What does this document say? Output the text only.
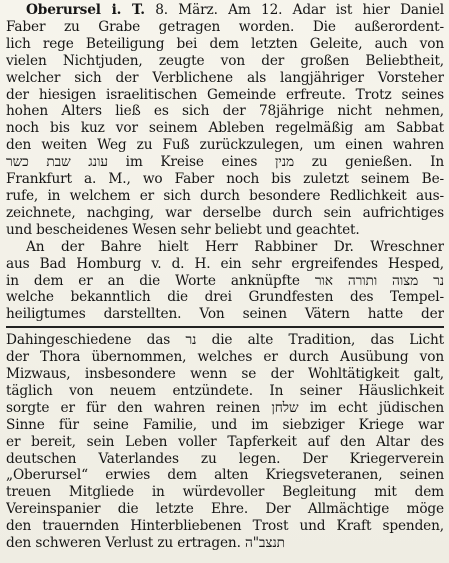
Oberursel i. T. 8. März. Am 12. Adar ist hier Daniel
Faber zu Grabe getragen worden. Die außerordent-
lich rege Beteiligung bei dem letzten Geleite, auch von
vielen Nichtjuden, zeugte von der großen Beliebtheit,
welcher sich der Verblichene als langjähriger Vorsteher
der hiesigen israelitischen Gemeinde erfreute. Trotz seines
hohen Alters ließ es sich der 78jährige nicht nehmen,
noch bis kuz vor seinem Ableben regelmäßig am Sabbat
den weiten Weg zu Fuß zurückzulegen, um einen wahren
עונג שבת כשר im Kreise eines מנין zu genießen. In
Frankfurt a. M., wo Faber noch bis zuletzt seinem Be-
rufe, in welchem er sich durch besondere Redlichkeit aus-
zeichnete, nachging, war derselbe durch sein aufrichtiges
und bescheidenes Wesen sehr beliebt und geachtet.
An der Bahre hielt Herr Rabbiner Dr. Wreschner
aus Bad Homburg v. d. H. ein sehr ergreifendes Hesped,
in dem er an die Worte anknüpfte נר מצוה ותורה אור
welche bekanntlich die drei Grundfesten des Tempel-
heiligtumes darstellten. Von seinen Vätern hatte der
Dahingeschiedene das נר die alte Tradition, das Licht
der Thora übernommen, welches er durch Ausübung von
Mizwaus, insbesondere wenn se der Wohltätigkeit galt,
täglich von neuem entzündete. In seiner Häuslichkeit
sorgte er für den wahren reinen שלחן im echt jüdischen
Sinne für seine Familie, und im siebziger Kriege war
er bereit, sein Leben voller Tapferkeit auf den Altar des
deutschen Vaterlandes zu legen. Der Kriegerverein
„Oberursel“ erwies dem alten Kriegsveteranen, seinen
treuen Mitgliede in würdevoller Begleitung mit dem
Vereinspanier die letzte Ehre. Der Allmächtige möge
den trauernden Hinterbliebenen Trost und Kraft spenden,
den schweren Verlust zu ertragen. תנצב"ה
